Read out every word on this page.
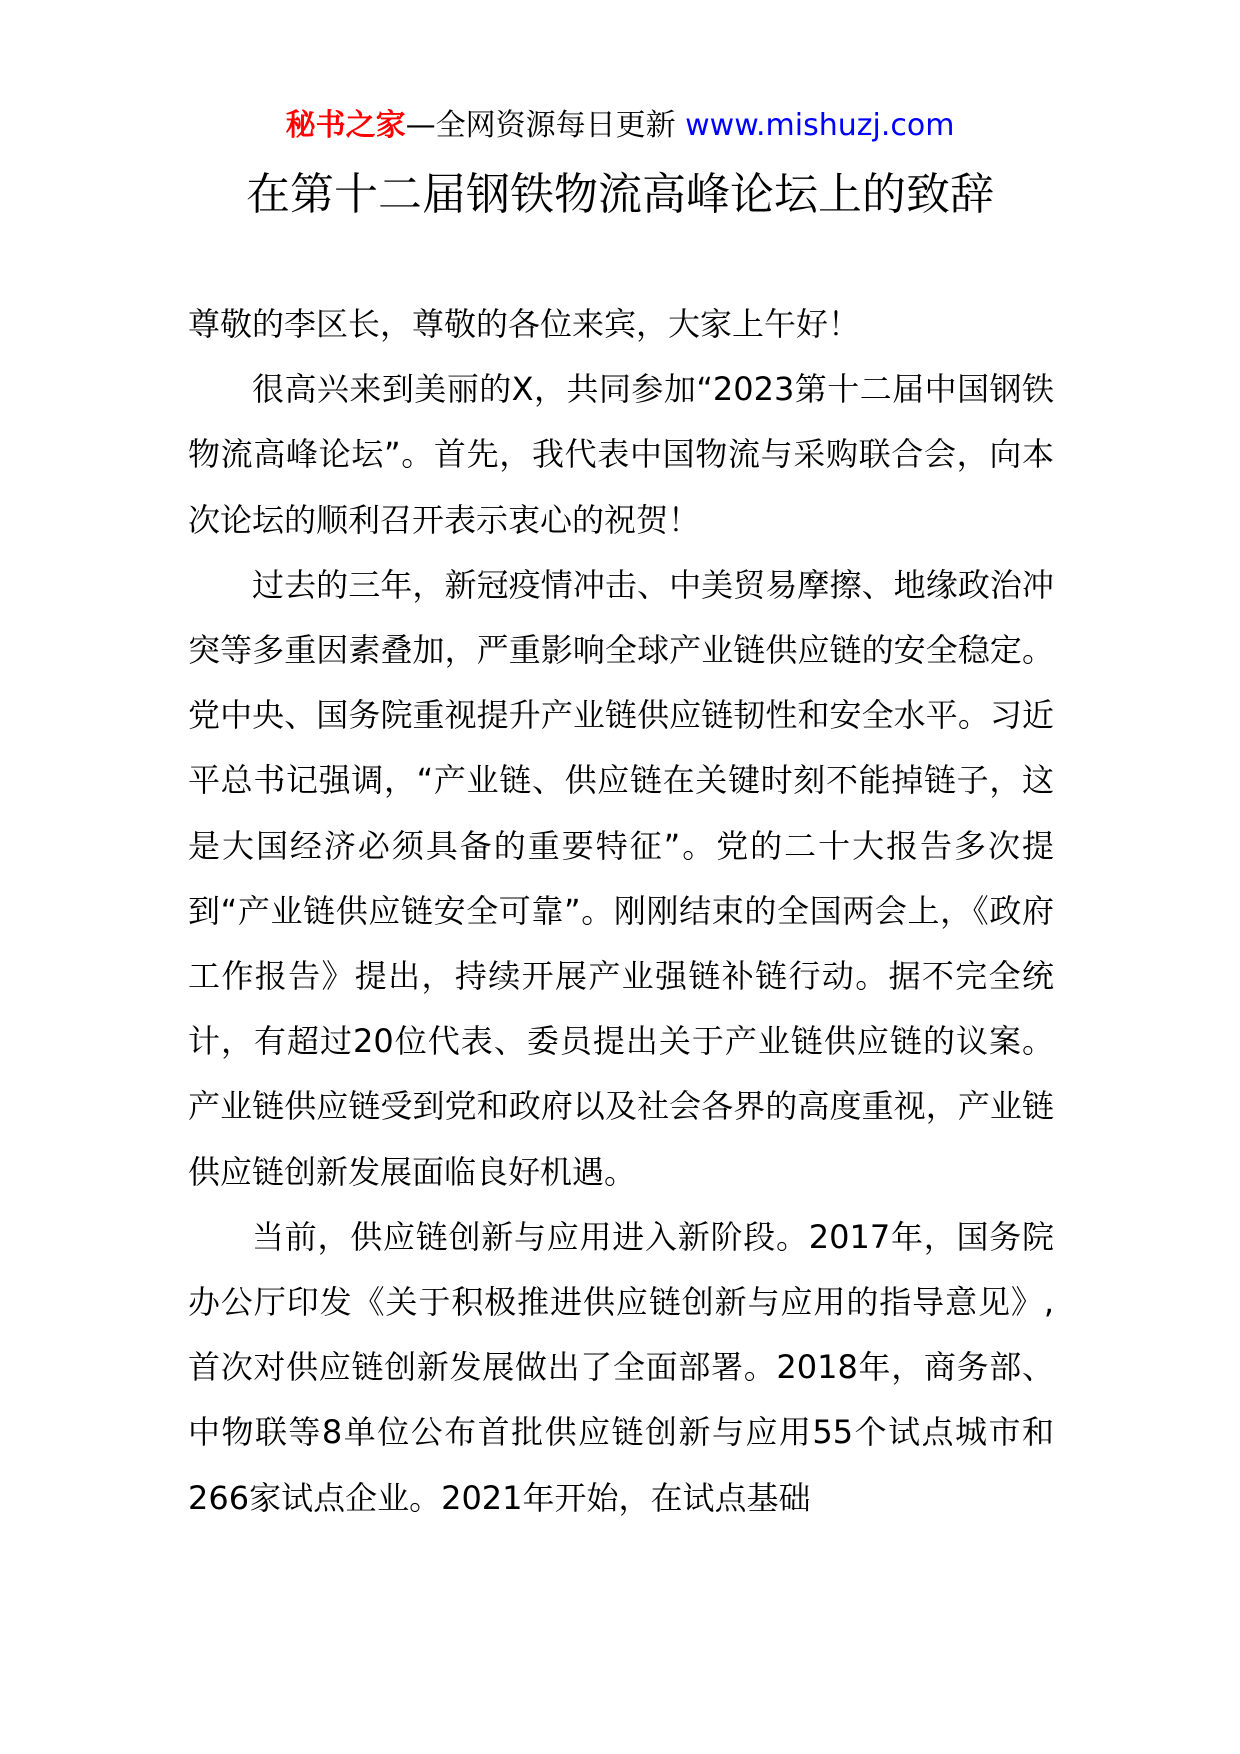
秘书之家—全网资源每日更新 www.mishuzj.com
在第十二届钢铁物流高峰论坛上的致辞

尊敬的李区长，尊敬的各位来宾，大家上午好！

很高兴来到美丽的X，共同参加“2023第十二届中国钢铁物流高峰论坛”。首先，我代表中国物流与采购联合会，向本次论坛的顺利召开表示衷心的祝贺！

过去的三年，新冠疫情冲击、中美贸易摩擦、地缘政治冲突等多重因素叠加，严重影响全球产业链供应链的安全稳定。党中央、国务院重视提升产业链供应链韧性和安全水平。习近平总书记强调，“产业链、供应链在关键时刻不能掉链子，这是大国经济必须具备的重要特征”。党的二十大报告多次提到“产业链供应链安全可靠”。刚刚结束的全国两会上，《政府工作报告》提出，持续开展产业强链补链行动。据不完全统计，有超过20位代表、委员提出关于产业链供应链的议案。产业链供应链受到党和政府以及社会各界的高度重视，产业链供应链创新发展面临良好机遇。

当前，供应链创新与应用进入新阶段。2017年，国务院办公厅印发《关于积极推进供应链创新与应用的指导意见》,首次对供应链创新发展做出了全面部署。2018年，商务部、中物联等8单位公布首批供应链创新与应用55个试点城市和266家试点企业。2021年开始，在试点基础
